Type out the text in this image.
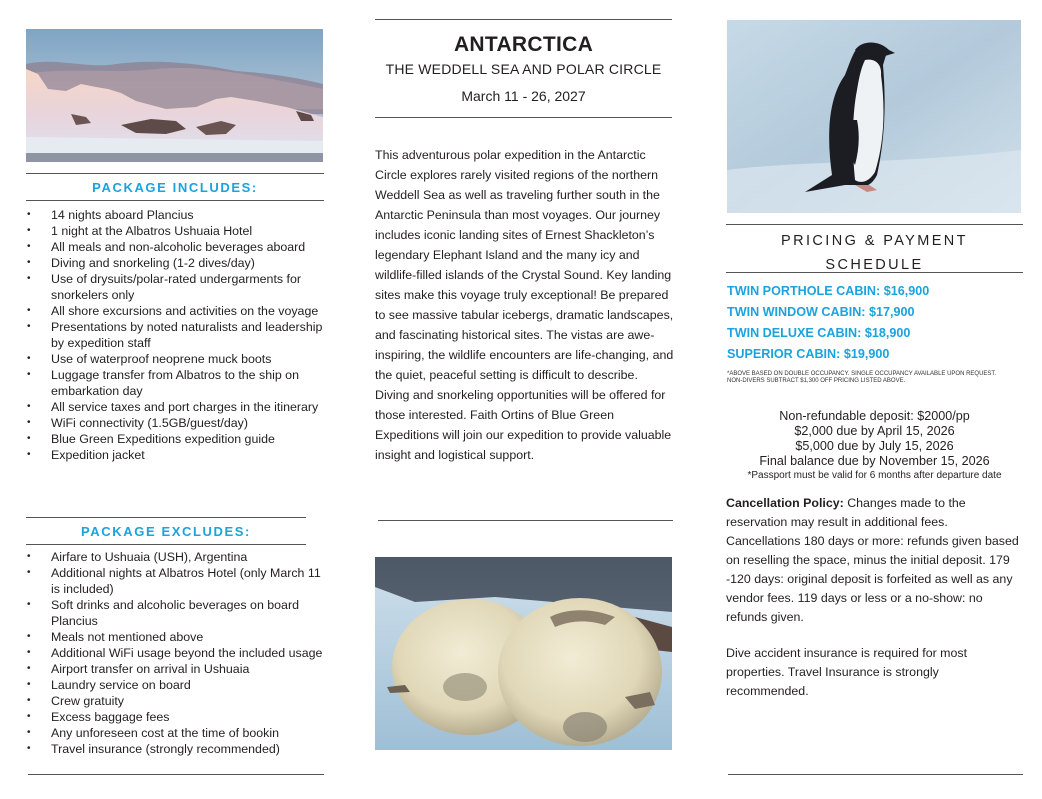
PACKAGE INCLUDES:
• 14 nights aboard Plancius
• 1 night at the Albatros Ushuaia Hotel
• All meals and non-alcoholic beverages aboard
• Diving and snorkeling (1-2 dives/day)
• Use of drysuits/polar-rated undergarments for snorkelers only
• All shore excursions and activities on the voyage
• Presentations by noted naturalists and leadership by expedition staff
• Use of waterproof neoprene muck boots
• Luggage transfer from Albatros to the ship on embarkation day
• All service taxes and port charges in the itinerary
• WiFi connectivity (1.5GB/guest/day)
• Blue Green Expeditions expedition guide
• Expedition jacket
PACKAGE EXCLUDES:
• Airfare to Ushuaia (USH), Argentina
• Additional nights at Albatros Hotel (only March 11 is included)
• Soft drinks and alcoholic beverages on board Plancius
• Meals not mentioned above
• Additional WiFi usage beyond the included usage
• Airport transfer on arrival in Ushuaia
• Laundry service on board
• Crew gratuity
• Excess baggage fees
• Any unforeseen cost at the time of bookin
• Travel insurance (strongly recommended)
ANTARCTICA
THE WEDDELL SEA AND POLAR CIRCLE
March 11 - 26, 2027

This adventurous polar expedition in the Antarctic Circle explores rarely visited regions of the northern Weddell Sea as well as traveling further south in the Antarctic Peninsula than most voyages. Our journey includes iconic landing sites of Ernest Shackleton’s legendary Elephant Island and the many icy and wildlife-filled islands of the Crystal Sound. Key landing sites make this voyage truly exceptional! Be prepared to see massive tabular icebergs, dramatic landscapes, and fascinating historical sites. The vistas are awe-inspiring, the wildlife encounters are life-changing, and the quiet, peaceful setting is difficult to describe. Diving and snorkeling opportunities will be offered for those interested. Faith Ortins of Blue Green Expeditions will join our expedition to provide valuable insight and logistical support.

PRICING & PAYMENT
SCHEDULE
TWIN PORTHOLE CABIN: $16,900
TWIN WINDOW CABIN: $17,900
TWIN DELUXE CABIN: $18,900
SUPERIOR CABIN: $19,900
*ABOVE BASED ON DOUBLE OCCUPANCY. SINGLE OCCUPANCY AVAILABLE UPON REQUEST.
NON-DIVERS SUBTRACT $1,300 OFF PRICING LISTED ABOVE.
Non-refundable deposit: $2000/pp
$2,000 due by April 15, 2026
$5,000 due by July 15, 2026
Final balance due by November 15, 2026
*Passport must be valid for 6 months after departure date

Cancellation Policy: Changes made to the reservation may result in additional fees. Cancellations 180 days or more: refunds given based on reselling the space, minus the initial deposit. 179 -120 days: original deposit is forfeited as well as any vendor fees. 119 days or less or a no-show: no refunds given.

Dive accident insurance is required for most properties. Travel Insurance is strongly recommended.
